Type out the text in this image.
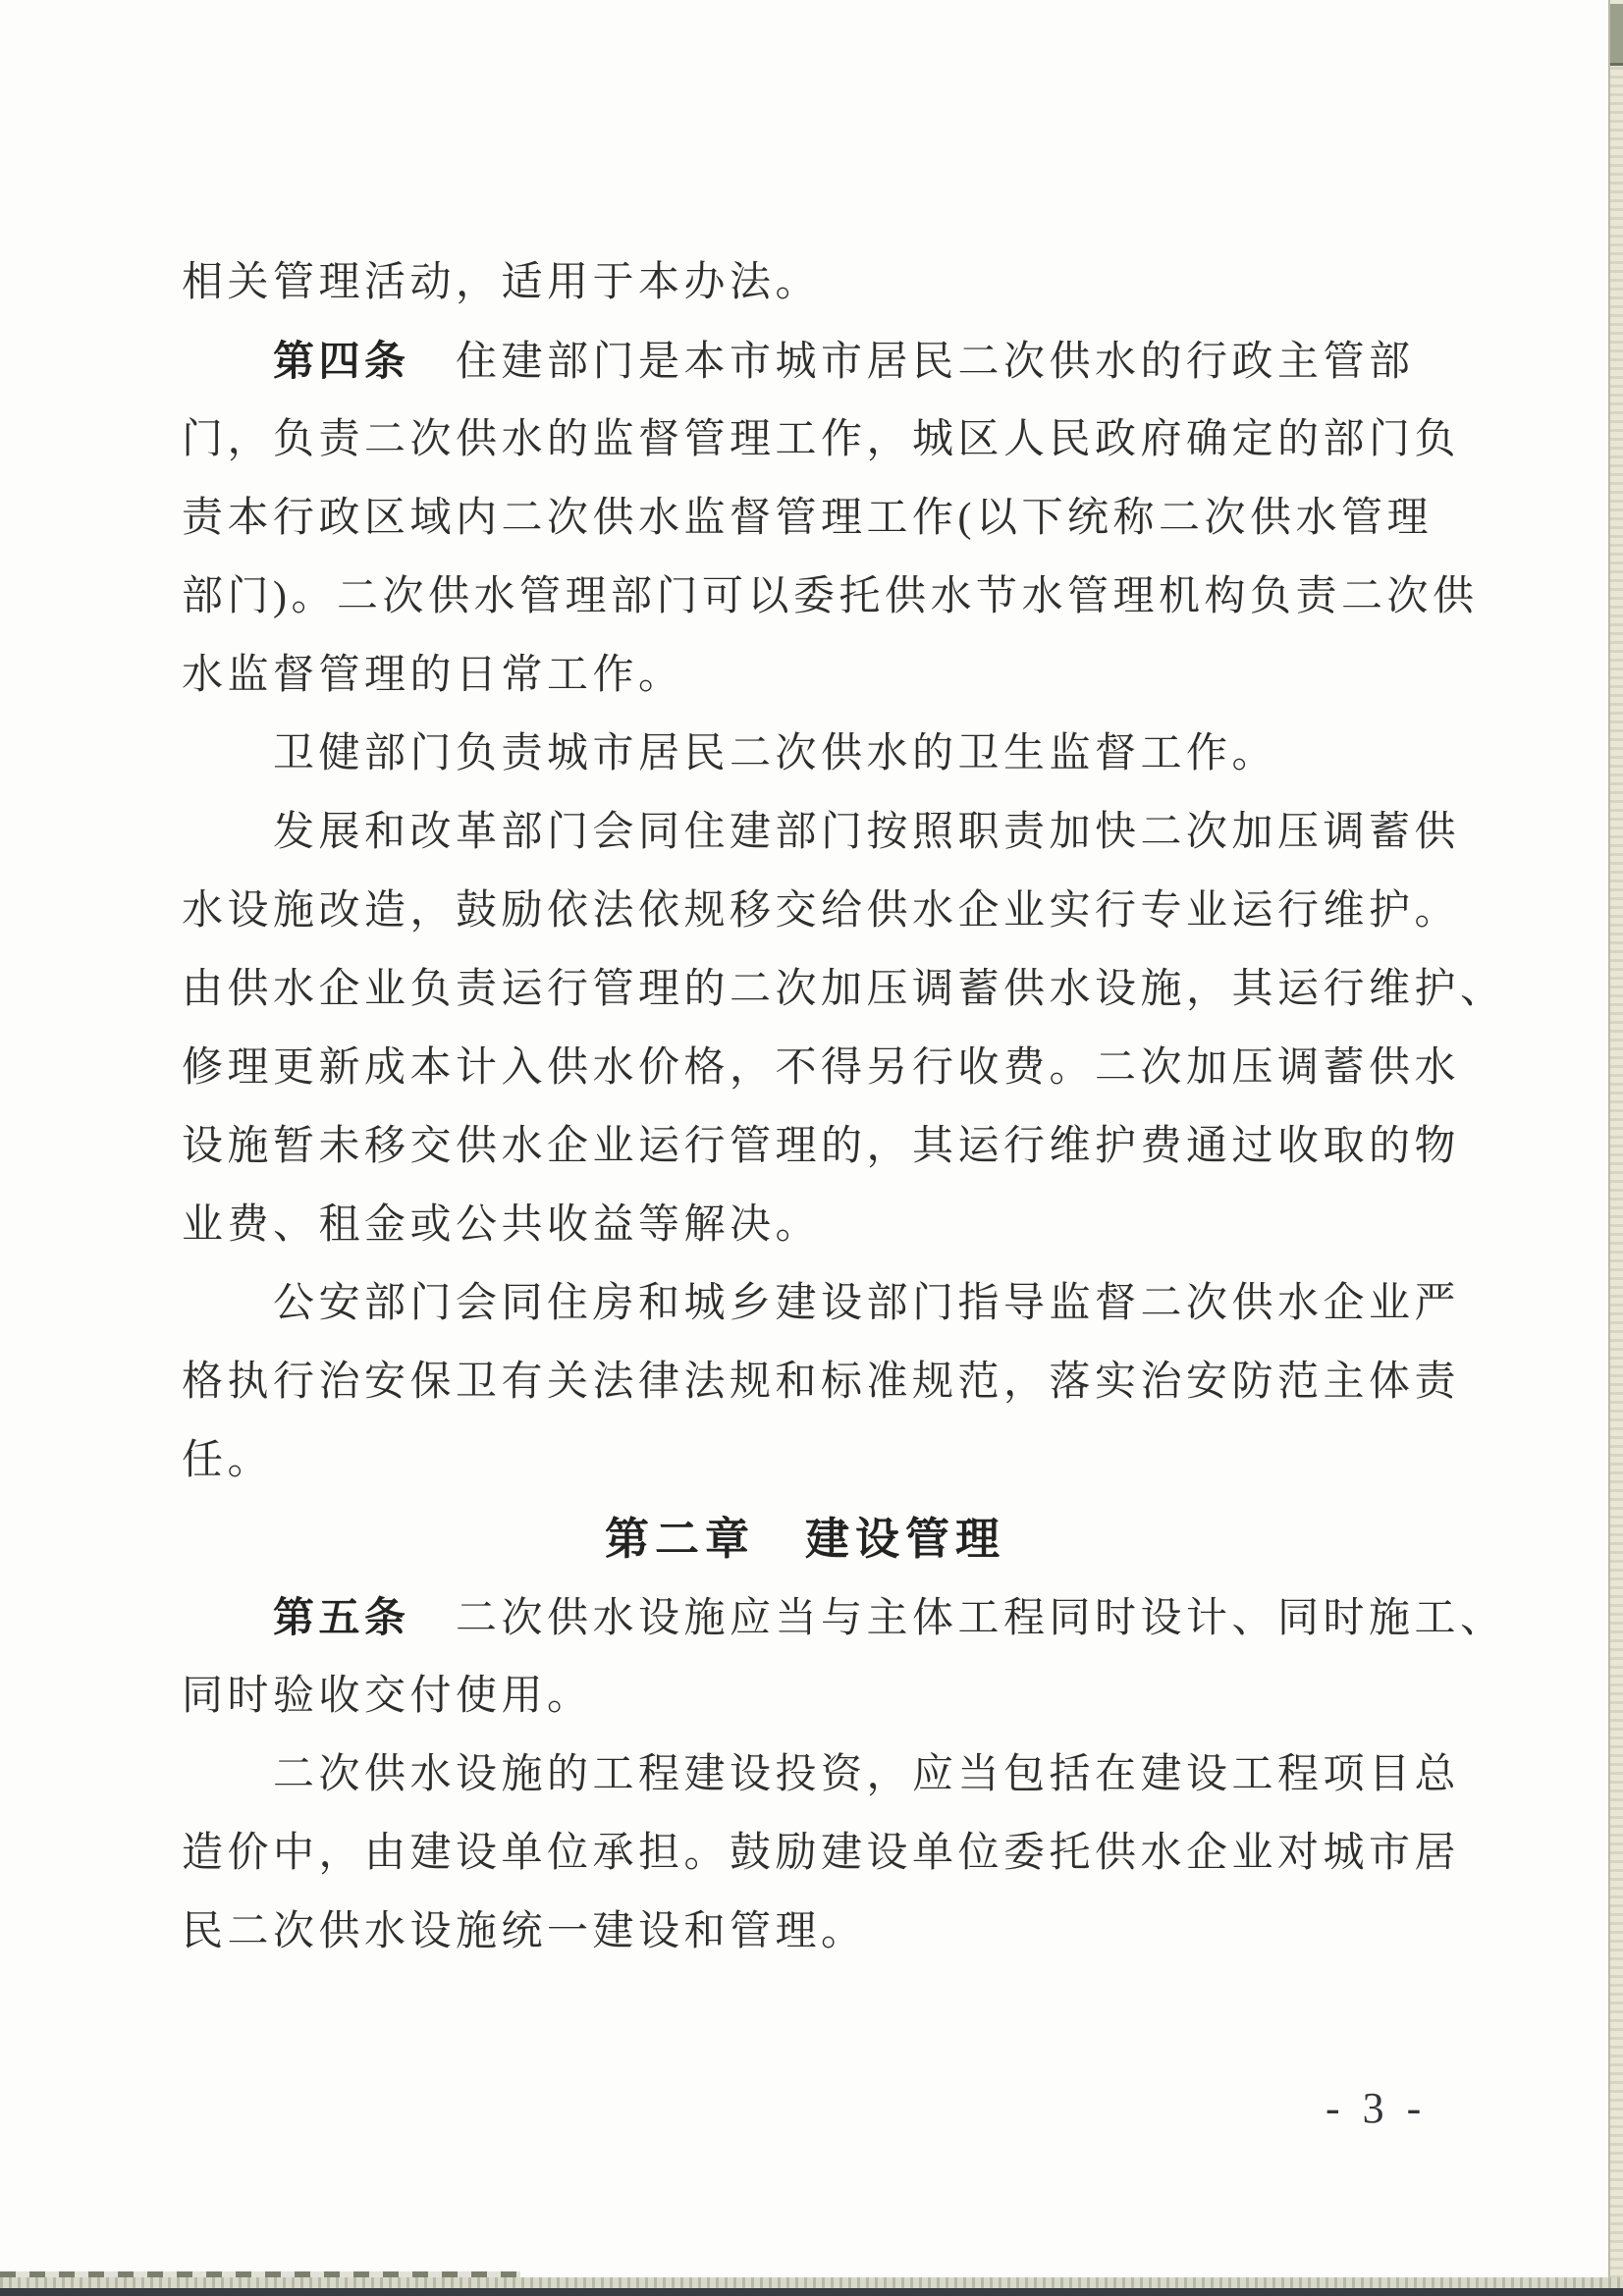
相关管理活动，适用于本办法。
第四条　住建部门是本市城市居民二次供水的行政主管部
门，负责二次供水的监督管理工作，城区人民政府确定的部门负
责本行政区域内二次供水监督管理工作(以下统称二次供水管理
部门)。二次供水管理部门可以委托供水节水管理机构负责二次供
水监督管理的日常工作。
卫健部门负责城市居民二次供水的卫生监督工作。
发展和改革部门会同住建部门按照职责加快二次加压调蓄供
水设施改造，鼓励依法依规移交给供水企业实行专业运行维护。
由供水企业负责运行管理的二次加压调蓄供水设施，其运行维护、
修理更新成本计入供水价格，不得另行收费。二次加压调蓄供水
设施暂未移交供水企业运行管理的，其运行维护费通过收取的物
业费、租金或公共收益等解决。
公安部门会同住房和城乡建设部门指导监督二次供水企业严
格执行治安保卫有关法律法规和标准规范，落实治安防范主体责
任。
第二章　建设管理
第五条　二次供水设施应当与主体工程同时设计、同时施工、
同时验收交付使用。
二次供水设施的工程建设投资，应当包括在建设工程项目总
造价中，由建设单位承担。鼓励建设单位委托供水企业对城市居
民二次供水设施统一建设和管理。
- 3 -
